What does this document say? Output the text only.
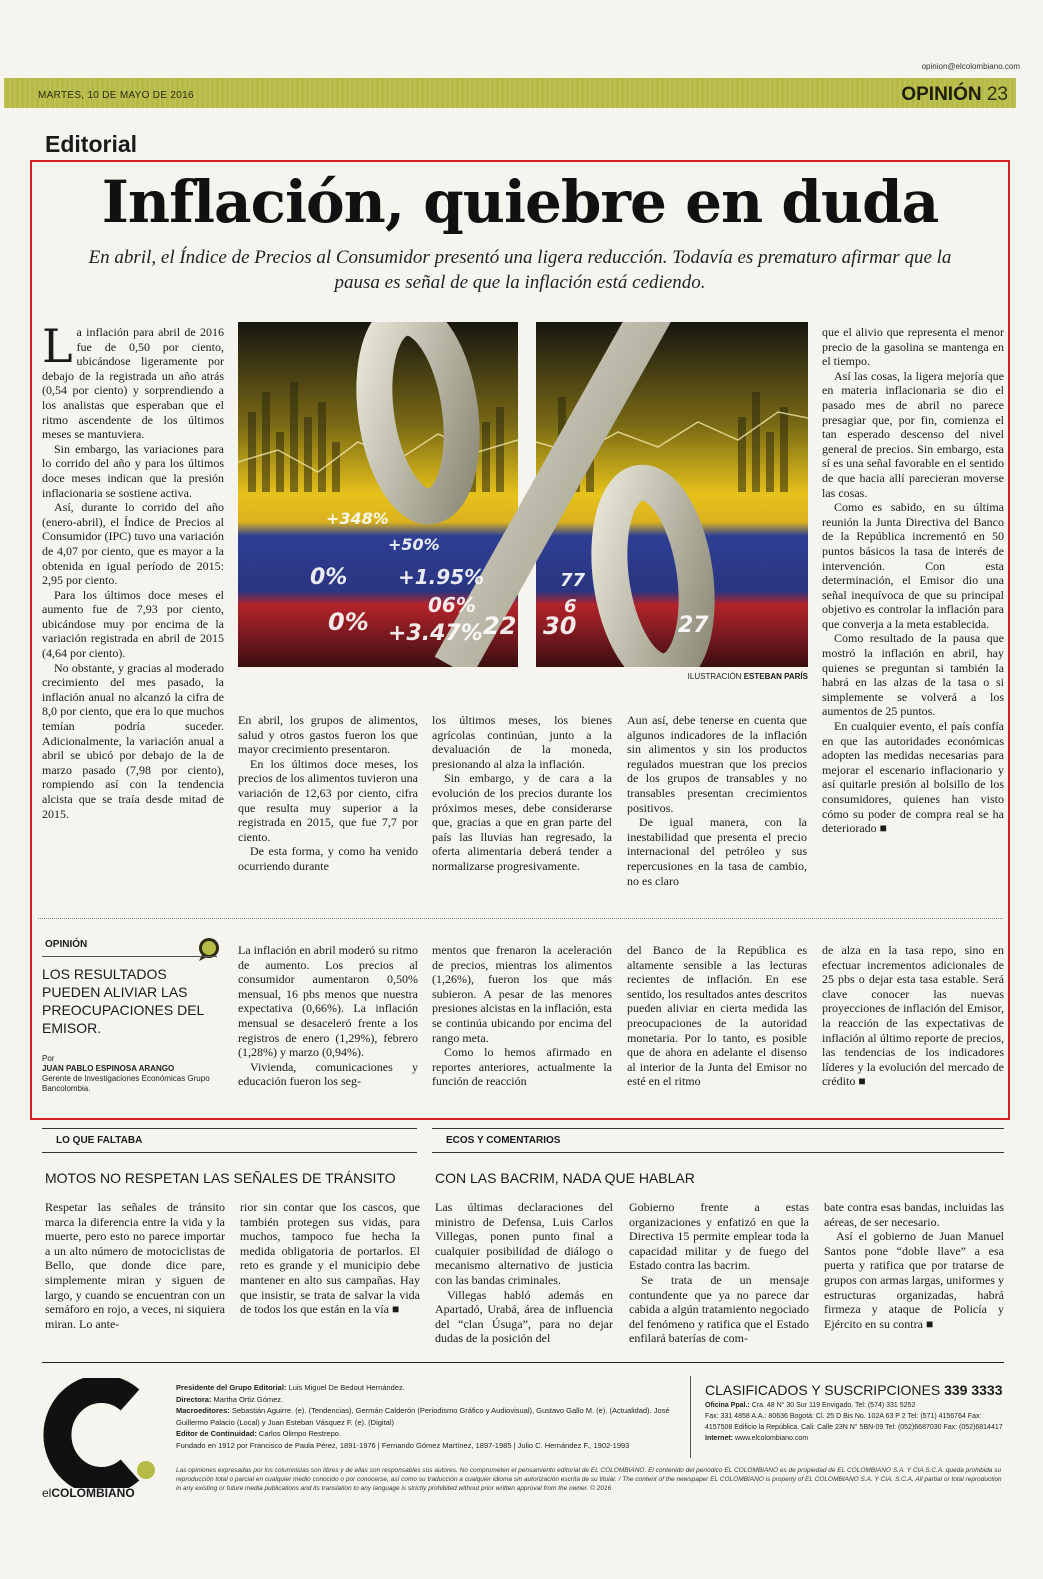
opinion@elcolombiano.com
MARTES, 10 DE MAYO DE 2016	OPINIÓN 23
Editorial
Inflación, quiebre en duda
En abril, el Índice de Precios al Consumidor presentó una ligera reducción. Todavía es prematuro afirmar que la pausa es señal de que la inflación está cediendo.

La inflación para abril de 2016 fue de 0,50 por ciento, ubicándose ligeramente por debajo de la registrada un año atrás (0,54 por ciento) y sorprendiendo a los analistas que esperaban que el ritmo ascendente de los últimos meses se mantuviera.

Sin embargo, las variaciones para lo corrido del año y para los últimos doce meses indican que la presión inflacionaria se sostiene activa.

Así, durante lo corrido del año (enero-abril), el Índice de Precios al Consumidor (IPC) tuvo una variación de 4,07 por ciento, que es mayor a la obtenida en igual período de 2015: 2,95 por ciento.

Para los últimos doce meses el aumento fue de 7,93 por ciento, ubicándose muy por encima de la variación registrada en abril de 2015 (4,64 por ciento).

No obstante, y gracias al moderado crecimiento del mes pasado, la inflación anual no alcanzó la cifra de 8,0 por ciento, que era lo que muchos temían podría suceder. Adicionalmente, la variación anual a abril se ubicó por debajo de la de marzo pasado (7,98 por ciento), rompiendo así con la tendencia alcista que se traía desde mitad de 2015.

+348%
+50%
0%	+1.95%
06%
0% +3.47% 22 30	27
77
6
ILUSTRACIÓN ESTEBAN PARÍS

En abril, los grupos de alimentos, salud y otros gastos fueron los que mayor crecimiento presentaron.

En los últimos doce meses, los precios de los alimentos tuvieron una variación de 12,63 por ciento, cifra que resulta muy superior a la registrada en 2015, que fue 7,7 por ciento.

De esta forma, y como ha venido ocurriendo durante

los últimos meses, los bienes agrícolas continúan, junto a la devaluación de la moneda, presionando al alza la inflación.

Sin embargo, y de cara a la evolución de los precios durante los próximos meses, debe considerarse que, gracias a que en gran parte del país las lluvias han regresado, la oferta alimentaria deberá tender a normalizarse progresivamente.

Aun así, debe tenerse en cuenta que algunos indicadores de la inflación sin alimentos y sin los productos regulados muestran que los precios de los grupos de transables y no transables presentan crecimientos positivos.

De igual manera, con la inestabilidad que presenta el precio internacional del petróleo y sus repercusiones en la tasa de cambio, no es claro

que el alivio que representa el menor precio de la gasolina se mantenga en el tiempo.

Así las cosas, la ligera mejoría que en materia inflacionaria se dio el pasado mes de abril no parece presagiar que, por fin, comienza el tan esperado descenso del nivel general de precios. Sin embargo, esta sí es una señal favorable en el sentido de que hacia allí parecieran moverse las cosas.

Como es sabido, en su última reunión la Junta Directiva del Banco de la República incrementó en 50 puntos básicos la tasa de interés de intervención. Con esta determinación, el Emisor dio una señal inequívoca de que su principal objetivo es controlar la inflación para que converja a la meta establecida.

Como resultado de la pausa que mostró la inflación en abril, hay quienes se preguntan si también la habrá en las alzas de la tasa o si simplemente se volverá a los aumentos de 25 puntos.

En cualquier evento, el país confía en que las autoridades económicas adopten las medidas necesarias para mejorar el escenario inflacionario y así quitarle presión al bolsillo de los consumidores, quienes han visto cómo su poder de compra real se ha deteriorado ■

OPINIÓN
LOS RESULTADOS PUEDEN ALIVIAR LAS PREOCUPACIONES DEL EMISOR.
Por
JUAN PABLO ESPINOSA ARANGO
Gerente de Investigaciones Económicas Grupo Bancolombia.

La inflación en abril moderó su ritmo de aumento. Los precios al consumidor aumentaron 0,50% mensual, 16 pbs menos que nuestra expectativa (0,66%). La inflación mensual se desaceleró frente a los registros de enero (1,29%), febrero (1,28%) y marzo (0,94%).

Vivienda, comunicaciones y educación fueron los seg-

mentos que frenaron la aceleración de precios, mientras los alimentos (1,26%), fueron los que más subieron. A pesar de las menores presiones alcistas en la inflación, esta se continúa ubicando por encima del rango meta.

Como lo hemos afirmado en reportes anteriores, actualmente la función de reacción

del Banco de la República es altamente sensible a las lecturas recientes de inflación. En ese sentido, los resultados antes descritos pueden aliviar en cierta medida las preocupaciones de la autoridad monetaria. Por lo tanto, es posible que de ahora en adelante el disenso al interior de la Junta del Emisor no esté en el ritmo

de alza en la tasa repo, sino en efectuar incrementos adicionales de 25 pbs o dejar esta tasa estable. Será clave conocer las nuevas proyecciones de inflación del Emisor, la reacción de las expectativas de inflación al último reporte de precios, las tendencias de los indicadores líderes y la evolución del mercado de crédito ■

LO QUE FALTABA
MOTOS NO RESPETAN LAS SEÑALES DE TRÁNSITO

Respetar las señales de tránsito marca la diferencia entre la vida y la muerte, pero esto no parece importar a un alto número de motociclistas de Bello, que donde dice pare, simplemente miran y siguen de largo, y cuando se encuentran con un semáforo en rojo, a veces, ni siquiera miran. Lo ante-

rior sin contar que los cascos, que también protegen sus vidas, para muchos, tampoco fue hecha la medida obligatoria de portarlos. El reto es grande y el municipio debe mantener en alto sus campañas. Hay que insistir, se trata de salvar la vida de todos los que están en la vía ■

ECOS Y COMENTARIOS
CON LAS BACRIM, NADA QUE HABLAR

Las últimas declaraciones del ministro de Defensa, Luis Carlos Villegas, ponen punto final a cualquier posibilidad de diálogo o mecanismo alternativo de justicia con las bandas criminales.

Villegas habló además en Apartadó, Urabá, área de influencia del “clan Úsuga”, para no dejar dudas de la posición del

Gobierno frente a estas organizaciones y enfatizó en que la Directiva 15 permite emplear toda la capacidad militar y de fuego del Estado contra las bacrim.

Se trata de un mensaje contundente que ya no parece dar cabida a algún tratamiento negociado del fenómeno y ratifica que el Estado enfilará baterías de com-

bate contra esas bandas, incluidas las aéreas, de ser necesario.

Así el gobierno de Juan Manuel Santos pone “doble llave” a esa puerta y ratifica que por tratarse de grupos con armas largas, uniformes y estructuras organizadas, habrá firmeza y ataque de Policía y Ejército en su contra ■

elCOLOMBIANO
Presidente del Grupo Editorial: Luis Miguel De Bedout Hernández.
Directora: Martha Ortiz Gómez.
Macroeditores: Sebastián Aguirre. (e). (Tendencias), Germán Calderón (Periodismo Gráfico y Audiovisual), Gustavo Gallo M. (e). (Actualidad). José Guillermo Palacio (Local) y Juan Esteban Vásquez F. (e). (Digital)
Editor de Continuidad: Carlos Olimpo Restrepo.
Fundado en 1912 por Francisco de Paula Pérez, 1891-1976 | Fernando Gómez Martínez, 1897-1985 | Julio C. Hernández F., 1902-1993
CLASIFICADOS Y SUSCRIPCIONES 339 3333
Oficina Ppal.: Cra. 48 N° 30 Sur 119 Envigado. Tel: (574) 331 5252
Fax: 331 4858 A.A.: 80636 Bogotá: Cl. 25 D Bis No. 102A 63 P 2 Tel: (571) 4156764 Fax: 4157508 Edificio la República. Cali: Calle 23N N° 5BN-09 Tel: (052)6687030 Fax: (052)6814417
Internet: www.elcolombiano.com
Las opiniones expresadas por los columnistas son libres y de ellas son responsables sus autores. No comprometen el pensamiento editorial de EL COLOMBIANO. El contenido del periódico EL COLOMBIANO es de propiedad de EL COLOMBIANO S.A. Y CIA S.C.A. queda prohibida su reproducción total o parcial en cualquier medio conocido o por conocerse, así como su traducción a cualquier idioma sin autorización escrita de su titular. / The content of the newspaper EL COLOMBIANO is property of EL COLOMBIANO S.A. Y CIA. S.C.A. All partial or total reproduction in any existing or future media publications and its translation to any language is strictly prohibited without prior written approval from the owner. © 2016
